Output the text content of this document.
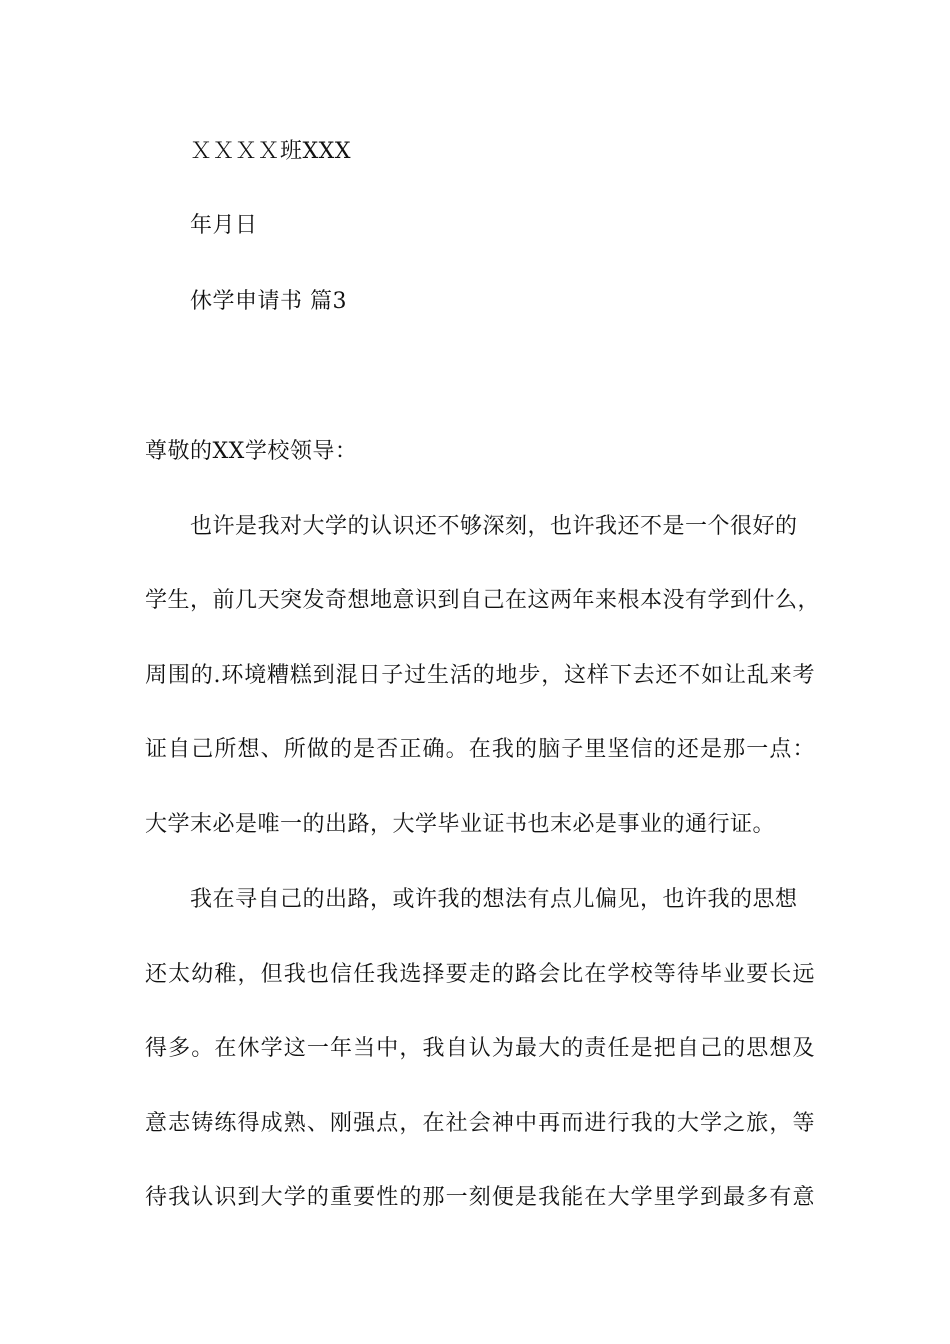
ＸＸＸＸ班XXX
年月日
休学申请书 篇3
尊敬的XX学校领导：
也许是我对大学的认识还不够深刻，也许我还不是一个很好的
学生，前几天突发奇想地意识到自己在这两年来根本没有学到什么，
周围的.环境糟糕到混日子过生活的地步，这样下去还不如让乱来考
证自己所想、所做的是否正确。在我的脑子里坚信的还是那一点：
大学末必是唯一的出路，大学毕业证书也末必是事业的通行证。
我在寻自己的出路，或许我的想法有点儿偏见，也许我的思想
还太幼稚，但我也信任我选择要走的路会比在学校等待毕业要长远
得多。在休学这一年当中，我自认为最大的责任是把自己的思想及
意志铸练得成熟、刚强点，在社会神中再而进行我的大学之旅，等
待我认识到大学的重要性的那一刻便是我能在大学里学到最多有意
